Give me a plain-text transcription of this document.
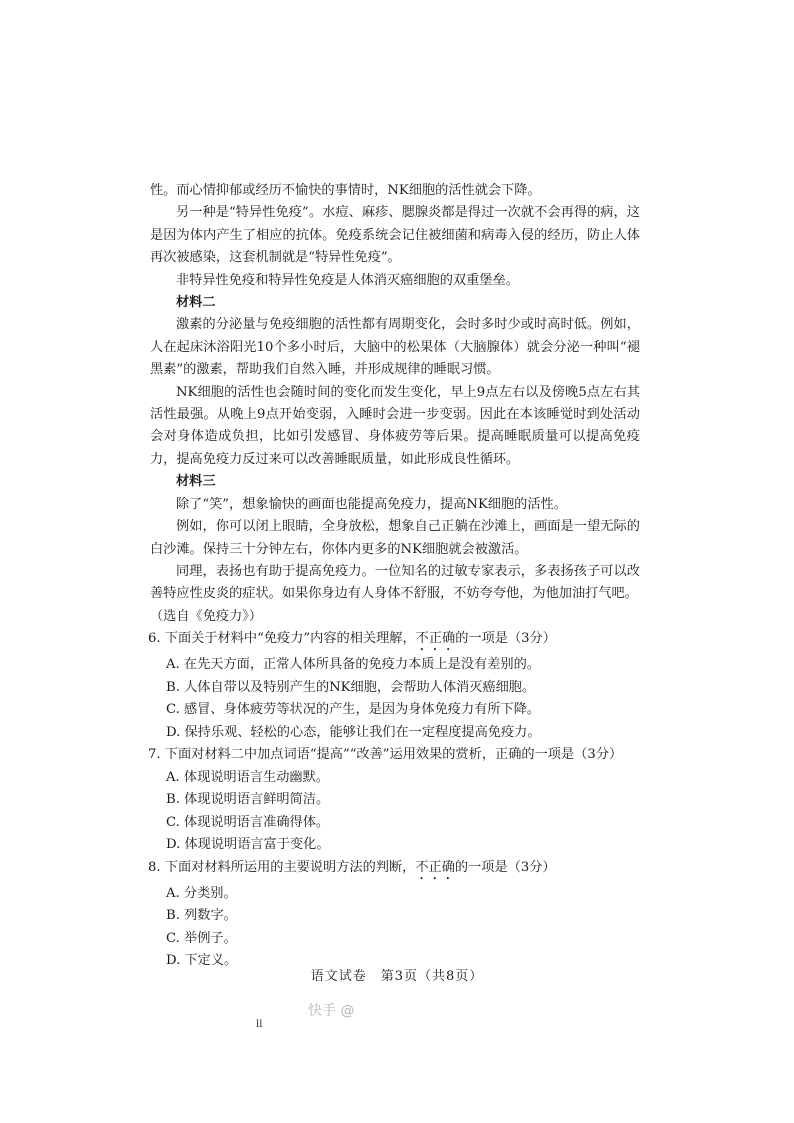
性。而心情抑郁或经历不愉快的事情时，NK细胞的活性就会下降。

另一种是“特异性免疫”。水痘、麻疹、腮腺炎都是得过一次就不会再得的病，这是因为体内产生了相应的抗体。免疫系统会记住被细菌和病毒入侵的经历，防止人体再次被感染，这套机制就是“特异性免疫”。

非特异性免疫和特异性免疫是人体消灭癌细胞的双重堡垒。

材料二

激素的分泌量与免疫细胞的活性都有周期变化，会时多时少或时高时低。例如，人在起床沐浴阳光10个多小时后，大脑中的松果体（大脑腺体）就会分泌一种叫“褪黑素”的激素，帮助我们自然入睡，并形成规律的睡眠习惯。

NK细胞的活性也会随时间的变化而发生变化，早上9点左右以及傍晚5点左右其活性最强。从晚上9点开始变弱，入睡时会进一步变弱。因此在本该睡觉时到处活动会对身体造成负担，比如引发感冒、身体疲劳等后果。提高睡眠质量可以提高免疫力，提高免疫力反过来可以改善睡眠质量，如此形成良性循环。

材料三

除了“笑”，想象愉快的画面也能提高免疫力，提高NK细胞的活性。

例如，你可以闭上眼睛，全身放松，想象自己正躺在沙滩上，画面是一望无际的白沙滩。保持三十分钟左右，你体内更多的NK细胞就会被激活。

同理，表扬也有助于提高免疫力。一位知名的过敏专家表示，多表扬孩子可以改善特应性皮炎的症状。如果你身边有人身体不舒服，不妨夸夸他，为他加油打气吧。

（选自《免疫力》）

6. 下面关于材料中“免疫力”内容的相关理解，不正确的一项是（3分）

A. 在先天方面，正常人体所具备的免疫力本质上是没有差别的。

B. 人体自带以及特别产生的NK细胞，会帮助人体消灭癌细胞。

C. 感冒、身体疲劳等状况的产生，是因为身体免疫力有所下降。

D. 保持乐观、轻松的心态，能够让我们在一定程度提高免疫力。

7. 下面对材料二中加点词语“提高”“改善”运用效果的赏析，正确的一项是（3分）

A. 体现说明语言生动幽默。

B. 体现说明语言鲜明简洁。

C. 体现说明语言准确得体。

D. 体现说明语言富于变化。

8. 下面对材料所运用的主要说明方法的判断，不正确的一项是（3分）

A. 分类别。

B. 列数字。

C. 举例子。

D. 下定义。

语文试卷　第3页（共8页）
快手 @
ll
